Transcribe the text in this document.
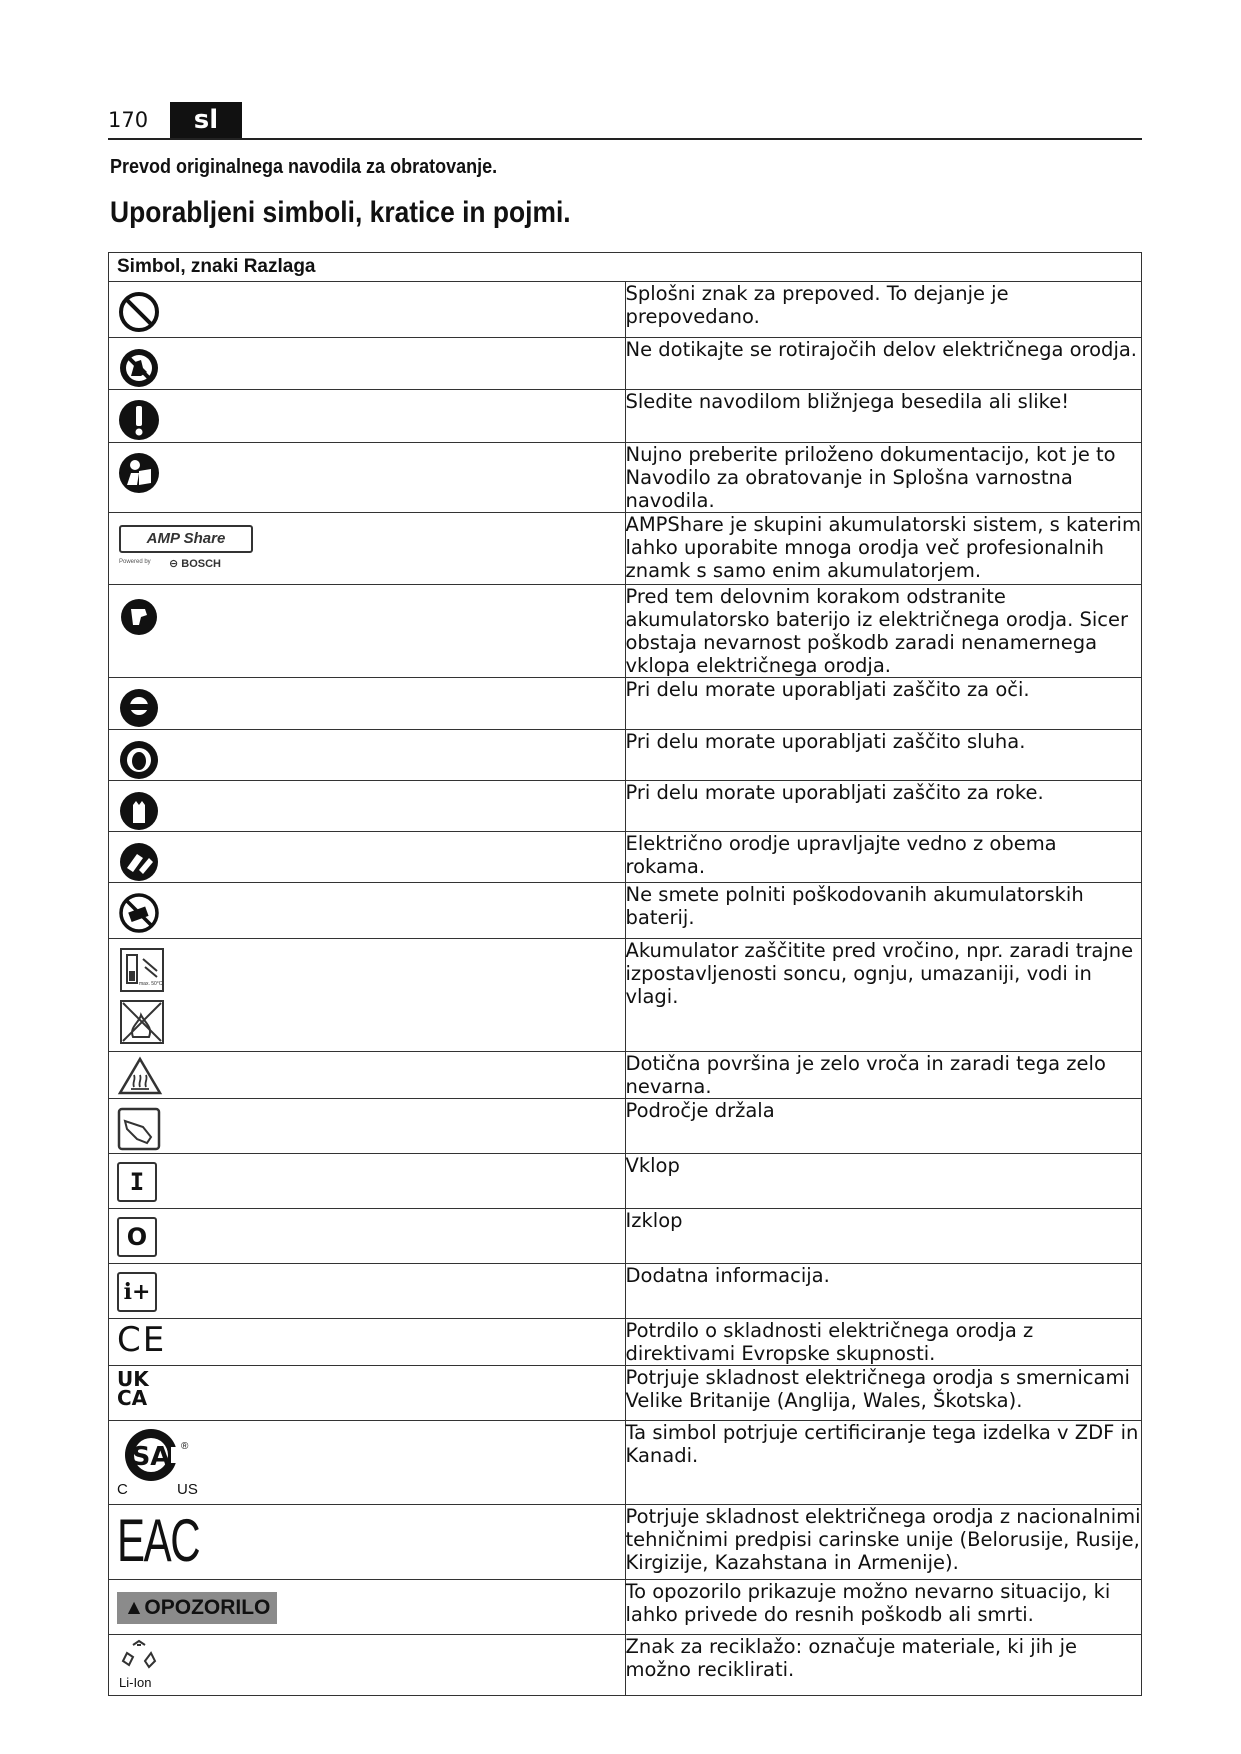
170	sl
Prevod originalnega navodila za obratovanje.
Uporabljeni simboli, kratice in pojmi.
Simbol, znaki Razlaga	

	Splošni znak za prepoved. To dejanje je prepovedano.

	Ne dotikajte se rotirajočih delov električnega orodja.

	Sledite navodilom bližnjega besedila ali slike!

	Nujno preberite priloženo dokumentacijo, kot je to Navodilo za obratovanje in Splošna varnostna navodila.

AMP Share
Powered by ⊖ BOSCH	AMPShare je skupini akumulatorski sistem, s katerim lahko uporabite mnoga orodja več profesionalnih znamk s samo enim akumulatorjem.

	Pred tem delovnim korakom odstranite akumulatorsko baterijo iz električnega orodja. Sicer obstaja nevarnost poškodb zaradi nenamernega vklopa električnega orodja.

	Pri delu morate uporabljati zaščito za oči.

	Pri delu morate uporabljati zaščito sluha.

	Pri delu morate uporabljati zaščito za roke.

	Električno orodje upravljajte vedno z obema rokama.

	Ne smete polniti poškodovanih akumulatorskih baterij.

max. 50°C	Akumulator zaščitite pred vročino, npr. zaradi trajne izpostavljenosti soncu, ognju, umazaniji, vodi in vlagi.

	Dotična površina je zelo vroča in zaradi tega zelo nevarna.

	Področje držala

I	Vklop

O	Izklop

i+	Dodatna informacija.

CE	Potrdilo o skladnosti električnega orodja z direktivami Evropske skupnosti.

UK
CA	Potrjuje skladnost električnega orodja s smernicami Velike Britanije (Anglija, Wales, Škotska).

SA ®
C US	Ta simbol potrjuje certificiranje tega izdelka v ZDF in Kanadi.

EAC	Potrjuje skladnost električnega orodja z nacionalnimi tehničnimi predpisi carinske unije (Belorusije, Rusije, Kirgizije, Kazahstana in Armenije).

▲OPOZORILO	To opozorilo prikazuje možno nevarno situacijo, ki lahko privede do resnih poškodb ali smrti.

Li-Ion	Znak za reciklažo: označuje materiale, ki jih je možno reciklirati.
